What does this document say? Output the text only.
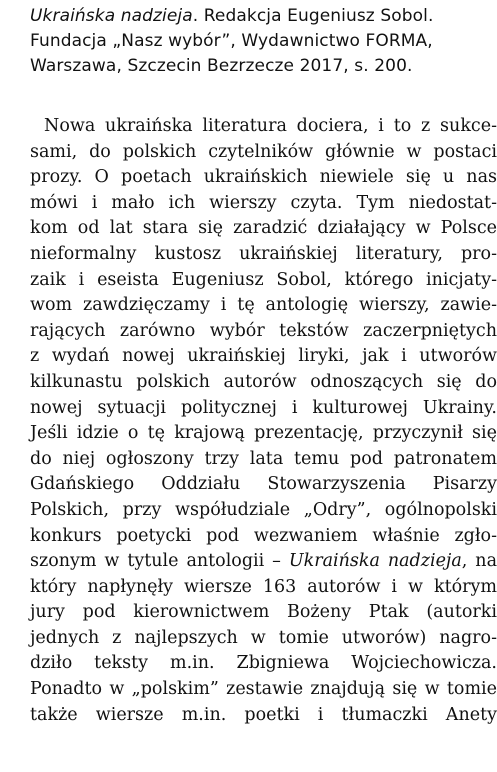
Ukraińska nadzieja. Redakcja Eugeniusz Sobol.
Fundacja „Nasz wybór”, Wydawnictwo FORMA,
Warszawa, Szczecin Bezrzecze 2017, s. 200.
Nowa ukraińska literatura dociera, i to z sukce-
sami, do polskich czytelników głównie w postaci
prozy. O poetach ukraińskich niewiele się u nas
mówi i mało ich wierszy czyta. Tym niedostat-
kom od lat stara się zaradzić działający w Polsce
nieformalny kustosz ukraińskiej literatury, pro-
zaik i eseista Eugeniusz Sobol, którego inicjaty-
wom zawdzięczamy i tę antologię wierszy, zawie-
rających zarówno wybór tekstów zaczerpniętych
z wydań nowej ukraińskiej liryki, jak i utworów
kilkunastu polskich autorów odnoszących się do
nowej sytuacji politycznej i kulturowej Ukrainy.
Jeśli idzie o tę krajową prezentację, przyczynił się
do niej ogłoszony trzy lata temu pod patronatem
Gdańskiego Oddziału Stowarzyszenia Pisarzy
Polskich, przy współudziale „Odry”, ogólnopolski
konkurs poetycki pod wezwaniem właśnie zgło-
szonym w tytule antologii – Ukraińska nadzieja, na
który napłynęły wiersze 163 autorów i w którym
jury pod kierownictwem Bożeny Ptak (autorki
jednych z najlepszych w tomie utworów) nagro-
dziło teksty m.in. Zbigniewa Wojciechowicza.
Ponadto w „polskim” zestawie znajdują się w tomie
także wiersze m.in. poetki i tłumaczki Anety
